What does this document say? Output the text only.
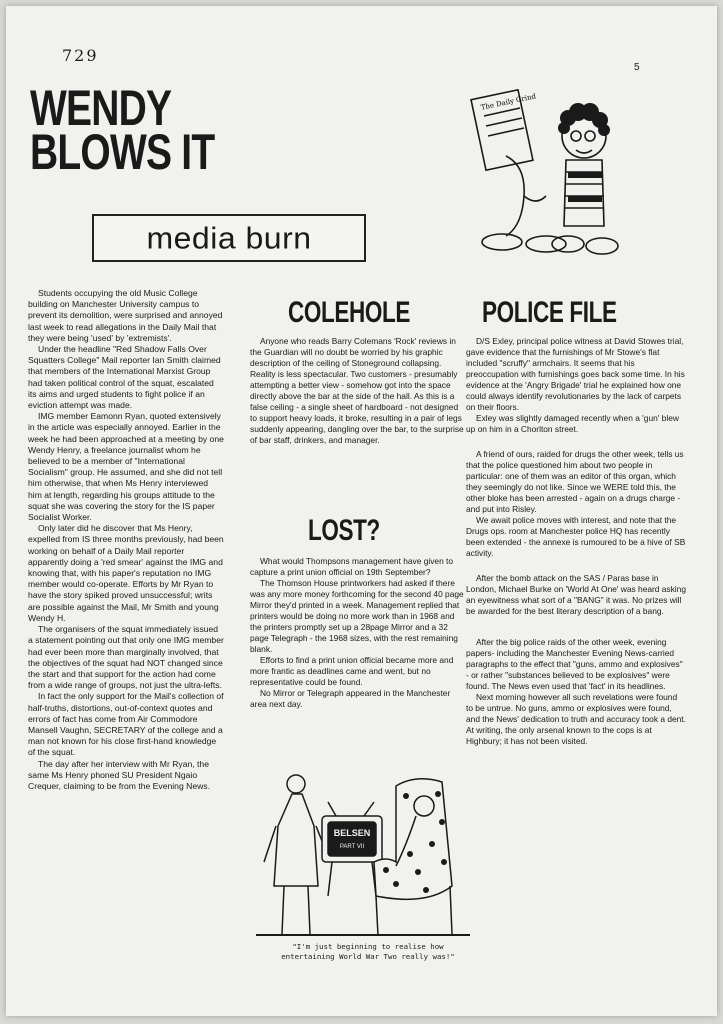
729
5
WENDY
BLOWS IT
media burn
The Daily Grind
COLEHOLE POLICE FILE
LOST?

Students occupying the old Music College building on Manchester University campus to prevent its demolition, were surprised and annoyed last week to read allegations in the Daily Mail that they were being 'used' by 'extremists'.

Under the headline "Red Shadow Falls Over Squatters College" Mail reporter Ian Smith claimed that members of the International Marxist Group had taken political control of the squat, escalated its aims and urged students to fight police if an eviction attempt was made.

IMG member Eamonn Ryan, quoted extensively in the article was especially annoyed. Earlier in the week he had been approached at a meeting by one Wendy Henry, a freelance journalist whom he believed to be a member of "International Socialism" group. He assumed, and she did not tell him otherwise, that when Ms Henry interviewed him at length, regarding his groups attitude to the squat she was covering the story for the IS paper Socialist Worker.

Only later did he discover that Ms Henry, expelled from IS three months previously, had been working on behalf of a Daily Mail reporter apparently doing a 'red smear' against the IMG and knowing that, with his paper's reputation no IMG member would co-operate. Efforts by Mr Ryan to have the story spiked proved unsuccessful; writs are possible against the Mail, Mr Smith and young Wendy H.

The organisers of the squat immediately issued a statement pointing out that only one IMG member had ever been more than marginally involved, that the objectives of the squat had NOT changed since the start and that support for the action had come from a wide range of groups, not just the ultra-lefts.

In fact the only support for the Mail's collection of half-truths, distortions, out-of-context quotes and errors of fact has come from Air Commodore Mansell Vaughn, SECRETARY of the college and a man not known for his close first-hand knowledge of the squat.

The day after her interview with Mr Ryan, the same Ms Henry phoned SU President Ngaio Crequer, claiming to be from the Evening News.

Anyone who reads Barry Colemans 'Rock' reviews in the Guardian will no doubt be worried by his graphic description of the ceiling of Stoneground collapsing. Reality is less spectacular. Two customers - presumably attempting a better view - somehow got into the space directly above the bar at the side of the hall. As this is a false ceiling - a single sheet of hardboard - not designed to support heavy loads, it broke, resulting in a pair of legs suddenly appearing, dangling over the bar, to the surprise of bar staff, drinkers, and manager.

What would Thompsons management have given to capture a print union official on 19th September?

The Thomson House printworkers had asked if there was any more money forthcoming for the second 40 page Mirror they'd printed in a week. Management replied that printers would be doing no more work than in 1968 and the printers promptly set up a 28page Mirror and a 32 page Telegraph - the 1968 sizes, with the rest remaining blank.

Efforts to find a print union official became more and more frantic as deadlines came and went, but no representative could be found.

No Mirror or Telegraph appeared in the Manchester area next day.

D/S Exley, principal police witness at David Stowes trial, gave evidence that the furnishings of Mr Stowe's flat included "scruffy" armchairs. It seems that his preoccupation with furnishings goes back some time. In his evidence at the 'Angry Brigade' trial he explained how one could always identify revolutionaries by the lack of carpets on their floors.

Exley was slightly damaged recently when a 'gun' blew up on him in a Chorlton street.

A friend of ours, raided for drugs the other week, tells us that the police questioned him about two people in particular: one of them was an editor of this organ, which they seemingly do not like. Since we WERE told this, the other bloke has been arrested - again on a drugs charge - and put into Risley.

We await police moves with interest, and note that the Drugs ops. room at Manchester police HQ has recently been extended - the annexe is rumoured to be a hive of SB activity.

After the bomb attack on the SAS / Paras base in London, Michael Burke on 'World At One' was heard asking an eyewitness what sort of a "BANG" it was. No prizes will be awarded for the best literary description of a bang.

After the big police raids of the other week, evening papers- including the Manchester Evening News-carried paragraphs to the effect that "guns, ammo and explosives" - or rather "substances believed to be explosives" were found. The News even used that 'fact' in its headlines.

Next morning however all such revelations were found to be untrue. No guns, ammo or explosives were found, and the News' dedication to truth and accuracy took a dent. At writing, the only arsenal known to the cops is at Highbury; it has not been visited.

BELSEN
PART VII
"I'm just beginning to realise how entertaining World War Two really was!"
